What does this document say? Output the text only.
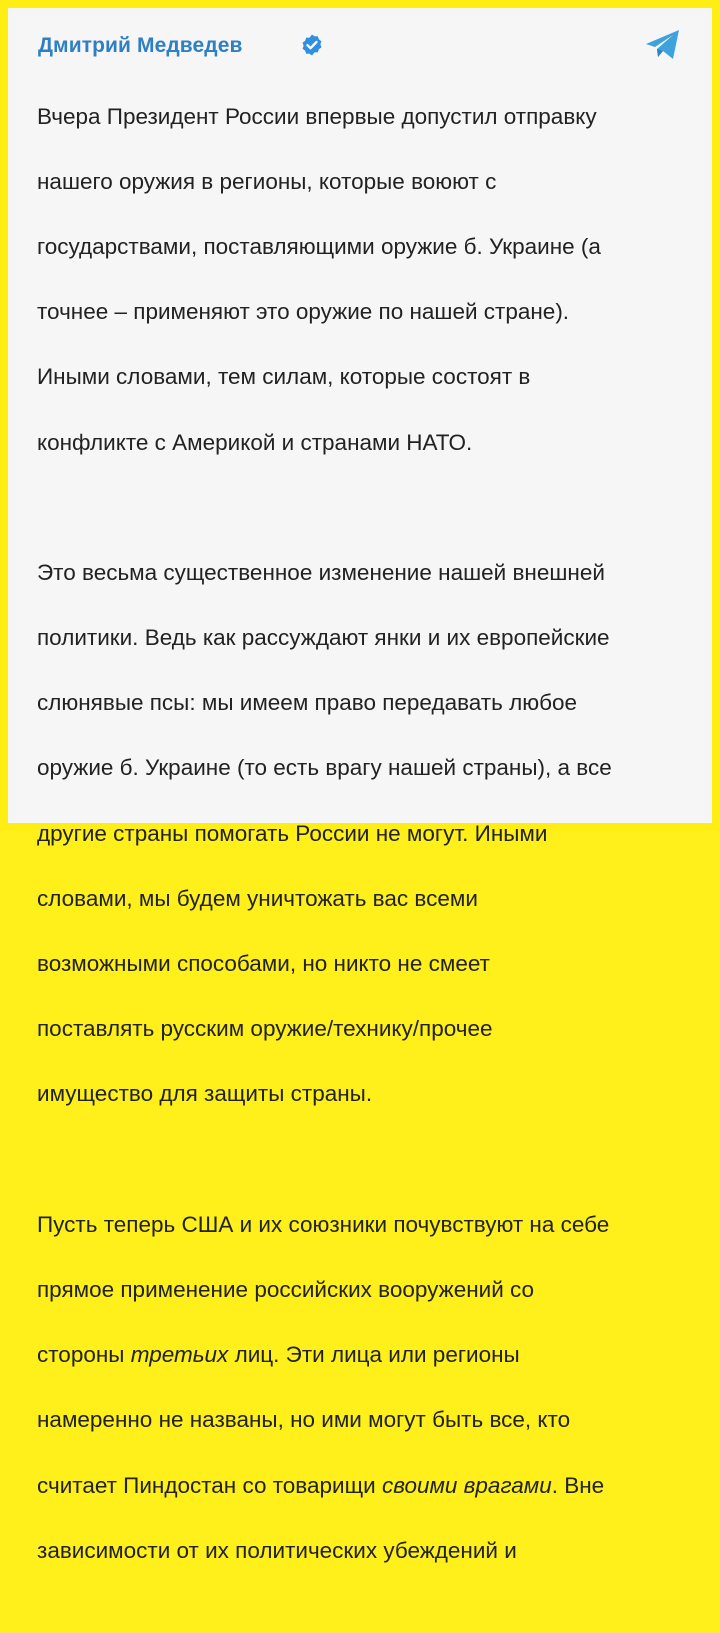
Дмитрий Медведев

Вчера Президент России впервые допустил отправку

нашего оружия в регионы, которые воюют с

государствами, поставляющими оружие б. Украине (а

точнее – применяют это оружие по нашей стране).

Иными словами, тем силам, которые состоят в

конфликте с Америкой и странами НАТО.

Это весьма существенное изменение нашей внешней

политики. Ведь как рассуждают янки и их европейские

слюнявые псы: мы имеем право передавать любое

оружие б. Украине (то есть врагу нашей страны), а все

другие страны помогать России не могут. Иными

словами, мы будем уничтожать вас всеми

возможными способами, но никто не смеет

поставлять русским оружие/технику/прочее

имущество для защиты страны.

Пусть теперь США и их союзники почувствуют на себе

прямое применение российских вооружений со

стороны третьих лиц. Эти лица или регионы

намеренно не названы, но ими могут быть все, кто

считает Пиндостан со товарищи своими врагами. Вне

зависимости от их политических убеждений и
